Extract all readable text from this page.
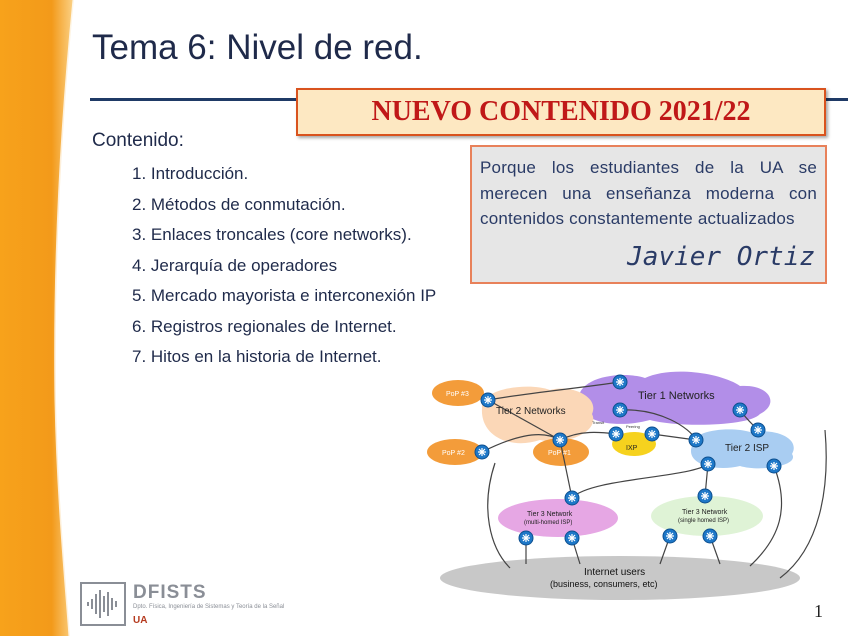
Tema 6: Nivel de red.
NUEVO CONTENIDO 2021/22
Contenido:
1. Introducción.
2. Métodos de conmutación.
3. Enlaces troncales (core networks).
4. Jerarquía de operadores
5. Mercado mayorista e interconexión IP
6. Registros regionales de Internet.
7. Hitos en la historia de Internet.
Porque los estudiantes de la UA se merecen una enseñanza moderna con contenidos constantemente actualizados
Javier Ortiz
Tier 1 Networks
Tier 2 Networks
Tier 2 ISP
PoP #3
PoP #2	PoP #1
IXP
Tier 3 Network
(multi-homed ISP)
Tier 3 Network
(single homed ISP)
Internet users
(business, consumers, etc)
Transit
Peering
DFISTS
Dpto. Física, Ingeniería de Sistemas y Teoría de la Señal
UA	1
